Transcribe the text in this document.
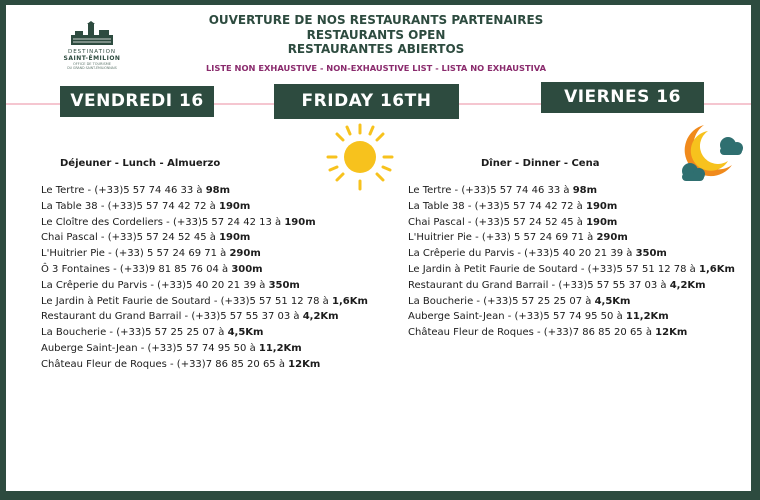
DESTINATION
SAINT-ÉMILION
OFFICE DE TOURISME
DU GRAND SAINT-ÉMILIONNAIS
OUVERTURE DE NOS RESTAURANTS PARTENAIRES
RESTAURANTS OPEN
RESTAURANTES ABIERTOS
LISTE NON EXHAUSTIVE - NON-EXHAUSTIVE LIST - LISTA NO EXHAUSTIVA
VENDREDI 16	FRIDAY 16TH	VIERNES 16
Déjeuner - Lunch - Almuerzo	Dîner - Dinner - Cena
Le Tertre - (+33)5 57 74 46 33 à 98m
La Table 38 - (+33)5 57 74 42 72 à 190m
Le Cloître des Cordeliers - (+33)5 57 24 42 13 à 190m
Chai Pascal - (+33)5 57 24 52 45 à 190m
L'Huitrier Pie - (+33) 5 57 24 69 71 à 290m
Ô 3 Fontaines - (+33)9 81 85 76 04 à 300m
La Crêperie du Parvis - (+33)5 40 20 21 39 à 350m
Le Jardin à Petit Faurie de Soutard - (+33)5 57 51 12 78 à 1,6Km
Restaurant du Grand Barrail - (+33)5 57 55 37 03 à 4,2Km
La Boucherie - (+33)5 57 25 25 07 à 4,5Km
Auberge Saint-Jean - (+33)5 57 74 95 50 à 11,2Km
Château Fleur de Roques - (+33)7 86 85 20 65 à 12Km
Le Tertre - (+33)5 57 74 46 33 à 98m
La Table 38 - (+33)5 57 74 42 72 à 190m
Chai Pascal - (+33)5 57 24 52 45 à 190m
L'Huitrier Pie - (+33) 5 57 24 69 71 à 290m
La Crêperie du Parvis - (+33)5 40 20 21 39 à 350m
Le Jardin à Petit Faurie de Soutard - (+33)5 57 51 12 78 à 1,6Km
Restaurant du Grand Barrail - (+33)5 57 55 37 03 à 4,2Km
La Boucherie - (+33)5 57 25 25 07 à 4,5Km
Auberge Saint-Jean - (+33)5 57 74 95 50 à 11,2Km
Château Fleur de Roques - (+33)7 86 85 20 65 à 12Km
